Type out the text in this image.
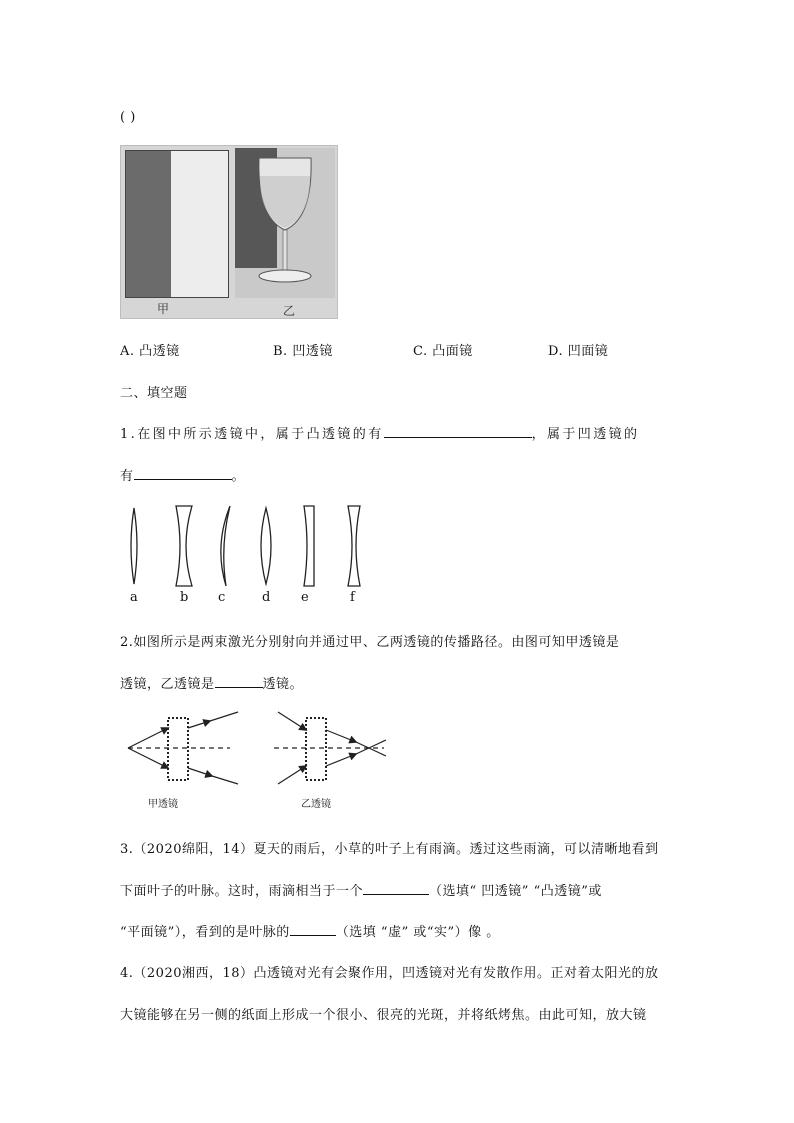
( )
甲	乙
A. 凸透镜	B. 凹透镜	C. 凸面镜	D. 凹面镜
二、填空题
1.在图中所示透镜中，属于凸透镜的有	，属于凹透镜的
有	。
a	b c	d e	f
2.如图所示是两束激光分别射向并通过甲、乙两透镜的传播路径。由图可知甲透镜是
透镜，乙透镜是	透镜。
甲透镜	乙透镜
3.（2020绵阳，14）夏天的雨后，小草的叶子上有雨滴。透过这些雨滴，可以清晰地看到
下面叶子的叶脉。这时，雨滴相当于一个	（选填“ 凹透镜” “凸透镜”或
“平面镜”），看到的是叶脉的	（选填 “虚” 或“实”）像 。
4.（2020湘西，18）凸透镜对光有会聚作用，凹透镜对光有发散作用。正对着太阳光的放
大镜能够在另一侧的纸面上形成一个很小、很亮的光斑，并将纸烤焦。由此可知，放大镜
